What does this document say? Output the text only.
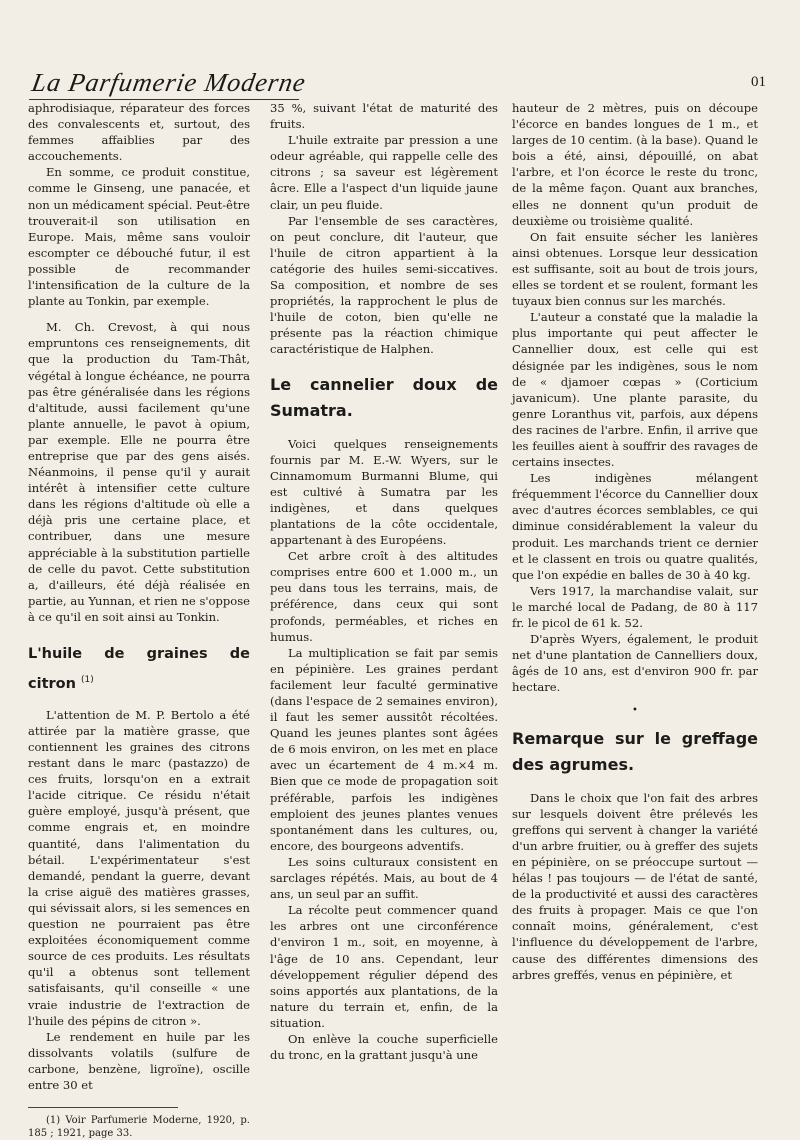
La Parfumerie Moderne	01

aphrodisiaque, réparateur des forces des convalescents et, surtout, des femmes affaiblies par des accouchements.

En somme, ce produit constitue, comme le Ginseng, une panacée, et non un médicament spécial. Peut-être trouverait-il son utilisation en Europe. Mais, même sans vouloir escompter ce débouché futur, il est possible de recommander l'intensification de la culture de la plante au Tonkin, par exemple.

M. Ch. Crevost, à qui nous empruntons ces renseignements, dit que la production du Tam-Thât, végétal à longue échéance, ne pourra pas être généralisée dans les régions d'altitude, aussi facilement qu'une plante annuelle, le pavot à opium, par exemple. Elle ne pourra être entreprise que par des gens aisés. Néanmoins, il pense qu'il y aurait intérêt à intensifier cette culture dans les régions d'altitude où elle a déjà pris une certaine place, et contribuer, dans une mesure appréciable à la substitution partielle de celle du pavot. Cette substitution a, d'ailleurs, été déjà réalisée en partie, au Yunnan, et rien ne s'oppose à ce qu'il en soit ainsi au Tonkin.

L'huile de graines de citron $^{(1)}$

L'attention de M. P. Bertolo a été attirée par la matière grasse, que contiennent les graines des citrons restant dans le marc (pastazzo) de ces fruits, lorsqu'on en a extrait l'acide citrique. Ce résidu n'était guère employé, jusqu'à présent, que comme engrais et, en moindre quantité, dans l'alimentation du bétail. L'expérimentateur s'est demandé, pendant la guerre, devant la crise aiguë des matières grasses, qui sévissait alors, si les semences en question ne pourraient pas être exploitées économiquement comme source de ces produits. Les résultats qu'il a obtenus sont tellement satisfaisants, qu'il conseille « une vraie industrie de l'extraction de l'huile des pépins de citron ».

Le rendement en huile par les dissolvants volatils (sulfure de carbone, benzène, ligroïne), oscille entre 30 et

(1) Voir Parfumerie Moderne, 1920, p. 185 ; 1921, page 33.

35 %, suivant l'état de maturité des fruits.

L'huile extraite par pression a une odeur agréable, qui rappelle celle des citrons ; sa saveur est légèrement âcre. Elle a l'aspect d'un liquide jaune clair, un peu fluide.

Par l'ensemble de ses caractères, on peut conclure, dit l'auteur, que l'huile de citron appartient à la catégorie des huiles semi-siccatives. Sa composition, et nombre de ses propriétés, la rapprochent le plus de l'huile de coton, bien qu'elle ne présente pas la réaction chimique caractéristique de Halphen.

Le cannelier doux de Sumatra.

Voici quelques renseignements fournis par M. E.-W. Wyers, sur le Cinnamomum Burmanni Blume, qui est cultivé à Sumatra par les indigènes, et dans quelques plantations de la côte occidentale, appartenant à des Européens.

Cet arbre croît à des altitudes comprises entre 600 et 1.000 m., un peu dans tous les terrains, mais, de préférence, dans ceux qui sont profonds, perméables, et riches en humus.

La multiplication se fait par semis en pépinière. Les graines perdant facilement leur faculté germinative (dans l'espace de 2 semaines environ), il faut les semer aussitôt récoltées. Quand les jeunes plantes sont âgées de 6 mois environ, on les met en place avec un écartement de 4 m.×4 m. Bien que ce mode de propagation soit préférable, parfois les indigènes emploient des jeunes plantes venues spontanément dans les cultures, ou, encore, des bourgeons adventifs.

Les soins culturaux consistent en sarclages répétés. Mais, au bout de 4 ans, un seul par an suffit.

La récolte peut commencer quand les arbres ont une circonférence d'environ 1 m., soit, en moyenne, à l'âge de 10 ans. Cependant, leur développement régulier dépend des soins apportés aux plantations, de la nature du terrain et, enfin, de la situation.

On enlève la couche superficielle du tronc, en la grattant jusqu'à une

hauteur de 2 mètres, puis on découpe l'écorce en bandes longues de 1 m., et larges de 10 centim. (à la base). Quand le bois a été, ainsi, dépouillé, on abat l'arbre, et l'on écorce le reste du tronc, de la même façon. Quant aux branches, elles ne donnent qu'un produit de deuxième ou troisième qualité.

On fait ensuite sécher les lanières ainsi obtenues. Lorsque leur dessication est suffisante, soit au bout de trois jours, elles se tordent et se roulent, formant les tuyaux bien connus sur les marchés.

L'auteur a constaté que la maladie la plus importante qui peut affecter le Cannellier doux, est celle qui est désignée par les indigènes, sous le nom de « djamoer cœpas » (Corticium javanicum). Une plante parasite, du genre Loranthus vit, parfois, aux dépens des racines de l'arbre. Enfin, il arrive que les feuilles aient à souffrir des ravages de certains insectes.

Les indigènes mélangent fréquemment l'écorce du Cannellier doux avec d'autres écorces semblables, ce qui diminue considérablement la valeur du produit. Les marchands trient ce dernier et le classent en trois ou quatre qualités, que l'on expédie en balles de 30 à 40 kg.

Vers 1917, la marchandise valait, sur le marché local de Padang, de 80 à 117 fr. le picol de 61 k. 52.

D'après Wyers, également, le produit net d'une plantation de Cannelliers doux, âgés de 10 ans, est d'environ 900 fr. par hectare.

•
Remarque sur le greffage des agrumes.

Dans le choix que l'on fait des arbres sur lesquels doivent être prélevés les greffons qui servent à changer la variété d'un arbre fruitier, ou à greffer des sujets en pépinière, on se préoccupe surtout — hélas ! pas toujours — de l'état de santé, de la productivité et aussi des caractères des fruits à propager. Mais ce que l'on connaît moins, généralement, c'est l'influence du développement de l'arbre, cause des différentes dimensions des arbres greffés, venus en pépinière, et
